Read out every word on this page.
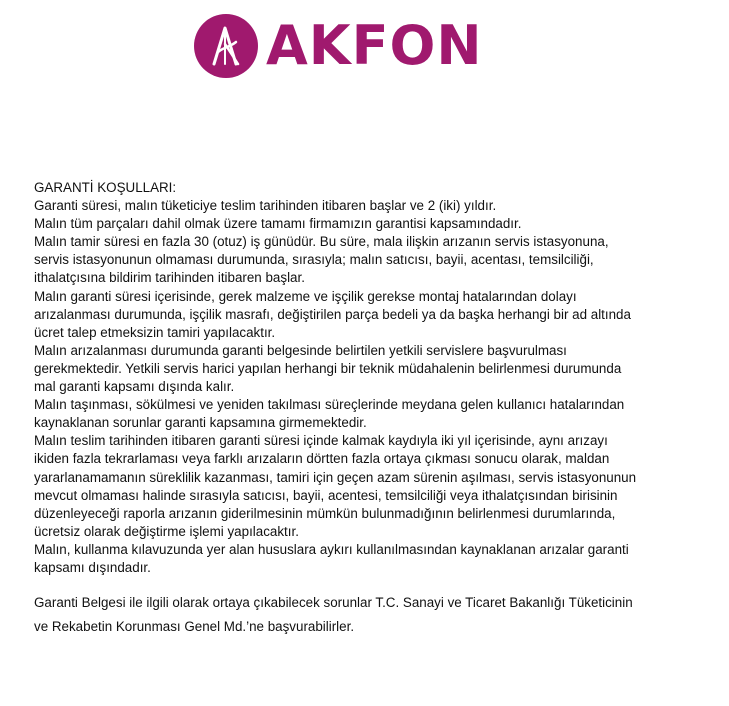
AKFON

GARANTİ KOŞULLARI:

Garanti süresi, malın tüketiciye teslim tarihinden itibaren başlar ve 2 (iki) yıldır.

Malın tüm parçaları dahil olmak üzere tamamı firmamızın garantisi kapsamındadır.

Malın tamir süresi en fazla 30 (otuz) iş günüdür. Bu süre, mala ilişkin arızanın servis istasyonuna,

servis istasyonunun olmaması durumunda, sırasıyla; malın satıcısı, bayii, acentası, temsilciliği,

ithalatçısına bildirim tarihinden itibaren başlar.

Malın garanti süresi içerisinde, gerek malzeme ve işçilik gerekse montaj hatalarından dolayı

arızalanması durumunda, işçilik masrafı, değiştirilen parça bedeli ya da başka herhangi bir ad altında

ücret talep etmeksizin tamiri yapılacaktır.

Malın arızalanması durumunda garanti belgesinde belirtilen yetkili servislere başvurulması

gerekmektedir. Yetkili servis harici yapılan herhangi bir teknik müdahalenin belirlenmesi durumunda

mal garanti kapsamı dışında kalır.

Malın taşınması, sökülmesi ve yeniden takılması süreçlerinde meydana gelen kullanıcı hatalarından

kaynaklanan sorunlar garanti kapsamına girmemektedir.

Malın teslim tarihinden itibaren garanti süresi içinde kalmak kaydıyla iki yıl içerisinde, aynı arızayı

ikiden fazla tekrarlaması veya farklı arızaların dörtten fazla ortaya çıkması sonucu olarak, maldan

yararlanamamanın süreklilik kazanması, tamiri için geçen azam sürenin aşılması, servis istasyonunun

mevcut olmaması halinde sırasıyla satıcısı, bayii, acentesi, temsilciliği veya ithalatçısından birisinin

düzenleyeceği raporla arızanın giderilmesinin mümkün bulunmadığının belirlenmesi durumlarında,

ücretsiz olarak değiştirme işlemi yapılacaktır.

Malın, kullanma kılavuzunda yer alan hususlara aykırı kullanılmasından kaynaklanan arızalar garanti

kapsamı dışındadır.

Garanti Belgesi ile ilgili olarak ortaya çıkabilecek sorunlar T.C. Sanayi ve Ticaret Bakanlığı Tüketicinin

ve Rekabetin Korunması Genel Md.’ne başvurabilirler.
